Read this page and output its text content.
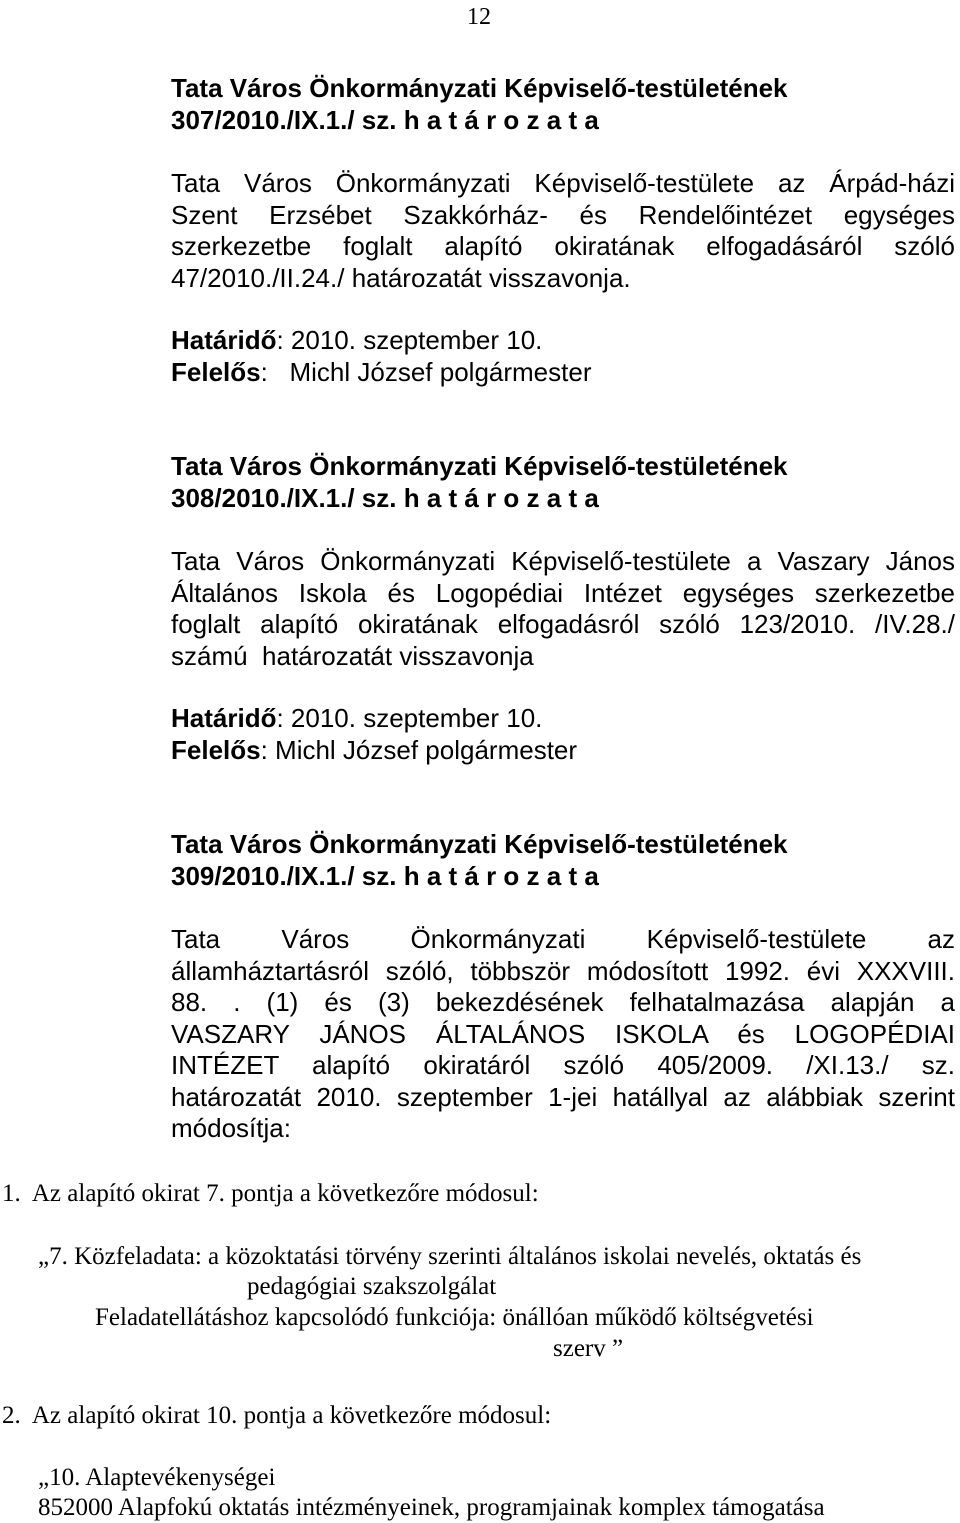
12
Tata Város Önkormányzati Képviselő-testületének
307/2010./IX.1./ sz. h a t á r o z a t a
Tata Város Önkormányzati Képviselő-testülete az Árpád-házi
Szent Erzsébet Szakkórház- és Rendelőintézet egységes
szerkezetbe foglalt alapító okiratának elfogadásáról szóló
47/2010./II.24./ határozatát visszavonja.
Határidő: 2010. szeptember 10.
Felelős:   Michl József polgármester
Tata Város Önkormányzati Képviselő-testületének
308/2010./IX.1./ sz. h a t á r o z a t a
Tata Város Önkormányzati Képviselő-testülete a Vaszary János
Általános Iskola és Logopédiai Intézet egységes szerkezetbe
foglalt alapító okiratának elfogadásról szóló 123/2010. /IV.28./
számú  határozatát visszavonja
Határidő: 2010. szeptember 10.
Felelős: Michl József polgármester
Tata Város Önkormányzati Képviselő-testületének
309/2010./IX.1./ sz. h a t á r o z a t a
Tata Város Önkormányzati Képviselő-testülete az
államháztartásról szóló, többször módosított 1992. évi XXXVIII.
88. . (1) és (3) bekezdésének felhatalmazása alapján a
VASZARY JÁNOS ÁLTALÁNOS ISKOLA és LOGOPÉDIAI
INTÉZET alapító okiratáról szóló 405/2009. /XI.13./ sz.
határozatát 2010. szeptember 1-jei hatállyal az alábbiak szerint
módosítja:
1.  Az alapító okirat 7. pontja a következőre módosul:
„7. Közfeladata: a közoktatási törvény szerinti általános iskolai nevelés, oktatás és
pedagógiai szakszolgálat
Feladatellátáshoz kapcsolódó funkciója: önállóan működő költségvetési
szerv ”
2.  Az alapító okirat 10. pontja a következőre módosul:
„10. Alaptevékenységei
852000 Alapfokú oktatás intézményeinek, programjainak komplex támogatása
